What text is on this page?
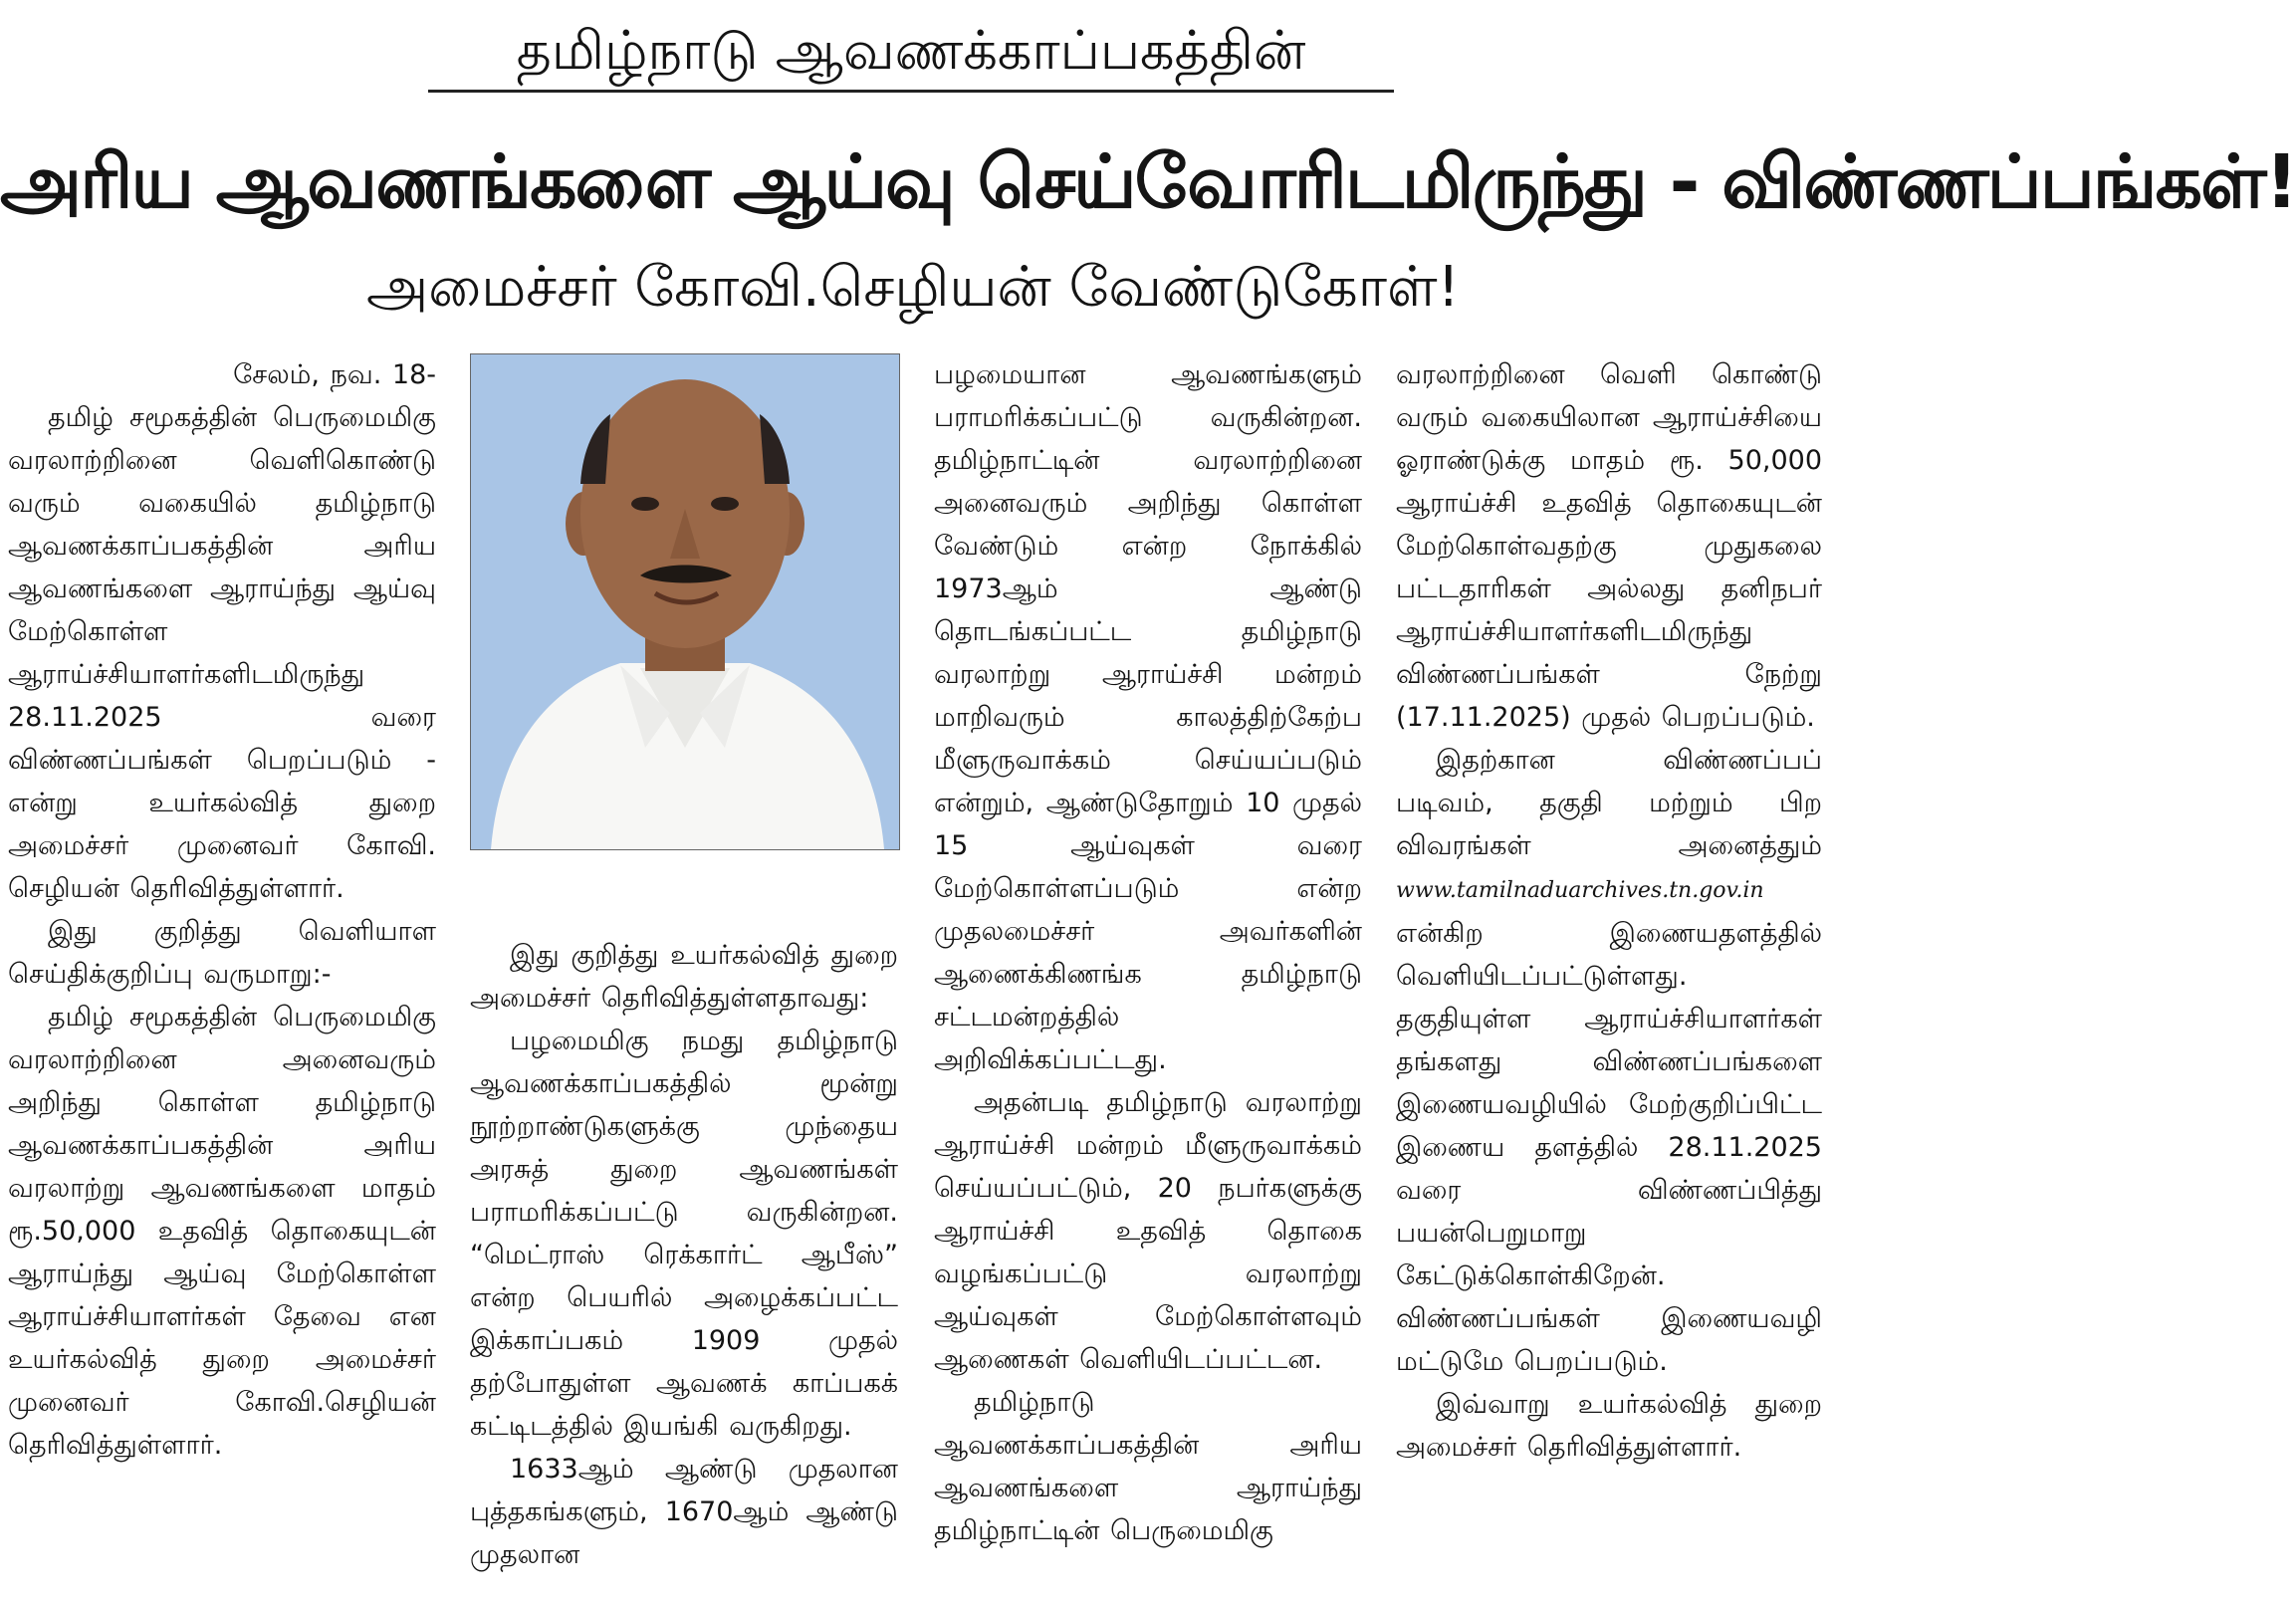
தமிழ்நாடு ஆவணக்காப்பகத்தின்
அரிய ஆவணங்களை ஆய்வு செய்வோரிடமிருந்து - விண்ணப்பங்கள்!
அமைச்சர் கோவி.செழியன் வேண்டுகோள்!

சேலம், நவ. 18-

தமிழ் சமூகத்தின் பெருமைமிகு வரலாற்றினை வெளிகொண்டு வரும் வகையில் தமிழ்நாடு ஆவணக்காப்பகத்தின் அரிய ஆவணங்களை ஆராய்ந்து ஆய்வு மேற்கொள்ள ஆராய்ச்சியாளர்களிடமிருந்து 28.11.2025 வரை விண்ணப்பங்கள் பெறப்படும் - என்று உயர்கல்வித் துறை அமைச்சர் முனைவர் கோவி. செழியன் தெரிவித்துள்ளார்.

இது குறித்து வெளியாள செய்திக்குறிப்பு வருமாறு:-

தமிழ் சமூகத்தின் பெருமைமிகு வரலாற்றினை அனைவரும் அறிந்து கொள்ள தமிழ்நாடு ஆவணக்காப்பகத்தின் அரிய வரலாற்று ஆவணங்களை மாதம் ரூ.50,000 உதவித் தொகையுடன் ஆராய்ந்து ஆய்வு மேற்கொள்ள ஆராய்ச்சியாளர்கள் தேவை என உயர்கல்வித் துறை அமைச்சர் முனைவர் கோவி.செழியன் தெரிவித்துள்ளார்.

இது குறித்து உயர்கல்வித் துறை அமைச்சர் தெரிவித்துள்ளதாவது:

பழமைமிகு நமது தமிழ்நாடு ஆவணக்காப்பகத்தில் மூன்று நூற்றாண்டுகளுக்கு முந்தைய அரசுத் துறை ஆவணங்கள் பராமரிக்கப்பட்டு வருகின்றன. “மெட்ராஸ் ரெக்கார்ட் ஆபீஸ்” என்ற பெயரில் அழைக்கப்பட்ட இக்காப்பகம் 1909 முதல் தற்போதுள்ள ஆவணக் காப்பகக் கட்டிடத்தில் இயங்கி வருகிறது.

1633ஆம் ஆண்டு முதலான புத்தகங்களும், 1670ஆம் ஆண்டு முதலான

பழமையான ஆவணங்களும் பராமரிக்கப்பட்டு வருகின்றன. தமிழ்நாட்டின் வரலாற்றினை அனைவரும் அறிந்து கொள்ள வேண்டும் என்ற நோக்கில் 1973ஆம் ஆண்டு தொடங்கப்பட்ட தமிழ்நாடு வரலாற்று ஆராய்ச்சி மன்றம் மாறிவரும் காலத்திற்கேற்ப மீளுருவாக்கம் செய்யப்படும் என்றும், ஆண்டுதோறும் 10 முதல் 15 ஆய்வுகள் வரை மேற்கொள்ளப்படும் என்ற முதலமைச்சர் அவர்களின் ஆணைக்கிணங்க தமிழ்நாடு சட்டமன்றத்தில் அறிவிக்கப்பட்டது.

அதன்படி தமிழ்நாடு வரலாற்று ஆராய்ச்சி மன்றம் மீளுருவாக்கம் செய்யப்பட்டும், 20 நபர்களுக்கு ஆராய்ச்சி உதவித் தொகை வழங்கப்பட்டு வரலாற்று ஆய்வுகள் மேற்கொள்ளவும் ஆணைகள் வெளியிடப்பட்டன.

தமிழ்நாடு ஆவணக்காப்பகத்தின் அரிய ஆவணங்களை ஆராய்ந்து தமிழ்நாட்டின் பெருமைமிகு

வரலாற்றினை வெளி கொண்டு வரும் வகையிலான ஆராய்ச்சியை ஓராண்டுக்கு மாதம் ரூ. 50,000 ஆராய்ச்சி உதவித் தொகையுடன் மேற்கொள்வதற்கு முதுகலை பட்டதாரிகள் அல்லது தனிநபர் ஆராய்ச்சியாளர்களிடமிருந்து விண்ணப்பங்கள் நேற்று (17.11.2025) முதல் பெறப்படும்.

இதற்கான விண்ணப்பப் படிவம், தகுதி மற்றும் பிற விவரங்கள் அனைத்தும் www.tamilnaduarchives.tn.gov.in என்கிற இணையதளத்தில் வெளியிடப்பட்டுள்ளது. தகுதியுள்ள ஆராய்ச்சியாளர்கள் தங்களது விண்ணப்பங்களை இணையவழியில் மேற்குறிப்பிட்ட இணைய தளத்தில் 28.11.2025 வரை விண்ணப்பித்து பயன்பெறுமாறு கேட்டுக்கொள்கிறேன். விண்ணப்பங்கள் இணையவழி மட்டுமே பெறப்படும்.

இவ்வாறு உயர்கல்வித் துறை அமைச்சர் தெரிவித்துள்ளார்.
